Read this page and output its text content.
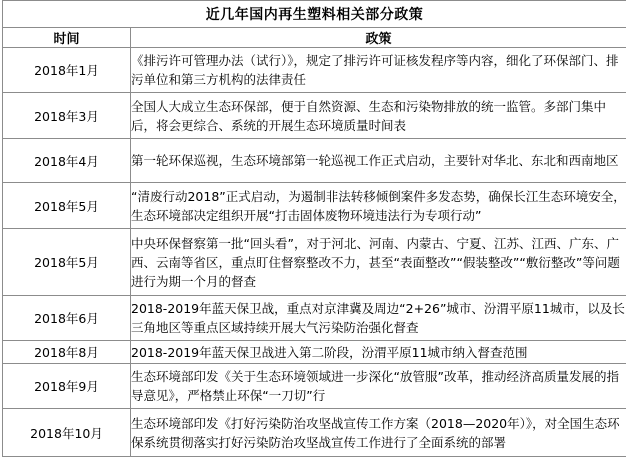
近几年国内再生塑料相关部分政策	
时间	政策
2018年1月	《排污许可管理办法（试行）》，规定了排污许可证核发程序等内容，细化了环保部门、排污单位和第三方机构的法律责任
2018年3月	全国人大成立生态环保部，便于自然资源、生态和污染物排放的统一监管。多部门集中后，将会更综合、系统的开展生态环境质量时间表
2018年4月	第一轮环保巡视，生态环境部第一轮巡视工作正式启动，主要针对华北、东北和西南地区
2018年5月	“清废行动2018”正式启动，为遏制非法转移倾倒案件多发态势，确保长江生态环境安全，生态环境部决定组织开展“打击固体废物环境违法行为专项行动”
2018年5月	中央环保督察第一批“回头看”，对于河北、河南、内蒙古、宁夏、江苏、江西、广东、广西、云南等省区，重点盯住督察整改不力，甚至“表面整改”“假装整改”“敷衍整改”等问题进行为期一个月的督查
2018年6月	2018-2019年蓝天保卫战，重点对京津冀及周边“2+26”城市、汾渭平原11城市，以及长三角地区等重点区域持续开展大气污染防治强化督查
2018年8月	2018-2019年蓝天保卫战进入第二阶段，汾渭平原11城市纳入督查范围
2018年9月	生态环境部印发《关于生态环境领域进一步深化“放管服”改革，推动经济高质量发展的指导意见》，严格禁止环保“一刀切”行
2018年10月	生态环境部印发《打好污染防治攻坚战宣传工作方案（2018—2020年）》，对全国生态环保系统贯彻落实打好污染防治攻坚战宣传工作进行了全面系统的部署
